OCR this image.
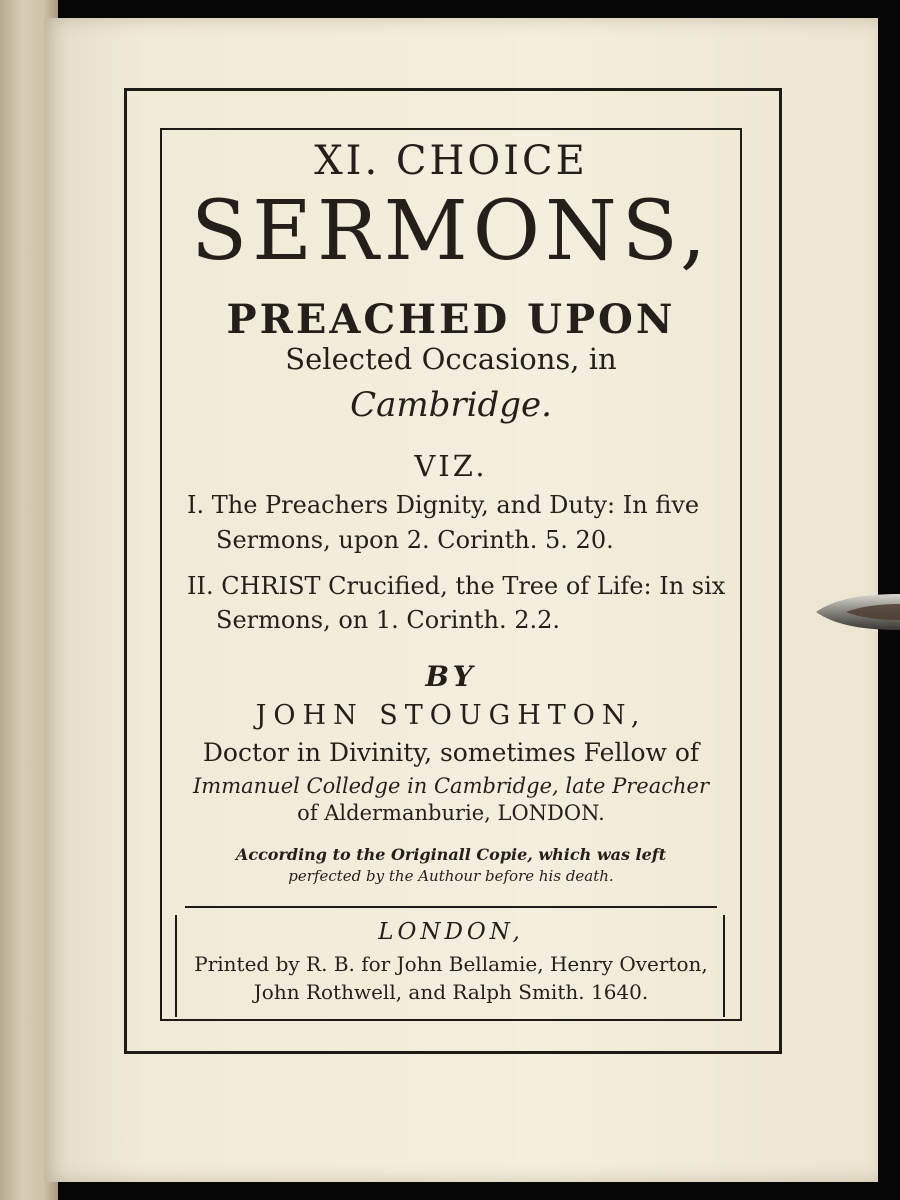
XI. CHOICE
SERMONS,
PREACHED UPON
Selected Occasions, in
Cambridge.
VIZ.
I. The Preachers Dignity, and Duty: In five
Sermons, upon 2. Corinth. 5. 20.
II. CHRIST Crucified, the Tree of Life: In six
Sermons, on 1. Corinth. 2.2.
BY
JOHN STOUGHTON,
Doctor in Divinity, sometimes Fellow of
Immanuel Colledge in Cambridge, late Preacher
of Aldermanburie, LONDON.
According to the Originall Copie, which was left
perfected by the Authour before his death.
LONDON,
Printed by R. B. for John Bellamie, Henry Overton,
John Rothwell, and Ralph Smith. 1640.
